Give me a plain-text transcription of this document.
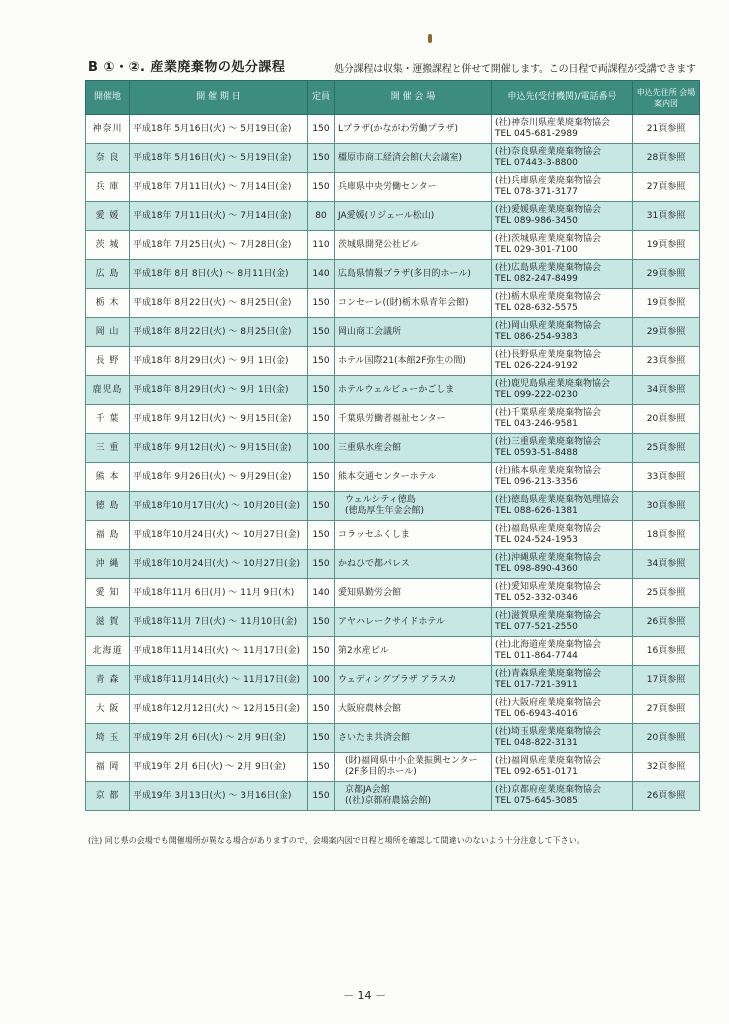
B ①・②. 産業廃棄物の処分課程	処分課程は収集・運搬課程と併せて開催します。この日程で両課程が受講できます
開催地	開 催 期 日	定員	開 催 会 場	申込先(受付機関)/電話番号	申込先住所 会場案内図
神奈川	平成18年 5月16日(火) ～ 5月19日(金)	150	Lプラザ(かながわ労働プラザ)	(社)神奈川県産業廃棄物協会
TEL 045-681-2989	21頁参照
奈 良	平成18年 5月16日(火) ～ 5月19日(金)	150	橿原市商工経済会館(大会議室)	(社)奈良県産業廃棄物協会
TEL 07443-3-8800	28頁参照
兵 庫	平成18年 7月11日(火) ～ 7月14日(金)	150	兵庫県中央労働センター	(社)兵庫県産業廃棄物協会
TEL 078-371-3177	27頁参照
愛 媛	平成18年 7月11日(火) ～ 7月14日(金)	80	JA愛媛(リジェール松山)	(社)愛媛県産業廃棄物協会
TEL 089-986-3450	31頁参照
茨 城	平成18年 7月25日(火) ～ 7月28日(金)	110	茨城県開発公社ビル	(社)茨城県産業廃棄物協会
TEL 029-301-7100	19頁参照
広 島	平成18年 8月 8日(火) ～ 8月11日(金)	140	広島県情報プラザ(多目的ホール)	(社)広島県産業廃棄物協会
TEL 082-247-8499	29頁参照
栃 木	平成18年 8月22日(火) ～ 8月25日(金)	150	コンセーレ((財)栃木県青年会館)	(社)栃木県産業廃棄物協会
TEL 028-632-5575	19頁参照
岡 山	平成18年 8月22日(火) ～ 8月25日(金)	150	岡山商工会議所	(社)岡山県産業廃棄物協会
TEL 086-254-9383	29頁参照
長 野	平成18年 8月29日(火) ～ 9月 1日(金)	150	ホテル国際21(本館2F弥生の間)	(社)長野県産業廃棄物協会
TEL 026-224-9192	23頁参照
鹿児島	平成18年 8月29日(火) ～ 9月 1日(金)	150	ホテルウェルビューかごしま	(社)鹿児島県産業廃棄物協会
TEL 099-222-0230	34頁参照
千 葉	平成18年 9月12日(火) ～ 9月15日(金)	150	千葉県労働者福祉センター	(社)千葉県産業廃棄物協会
TEL 043-246-9581	20頁参照
三 重	平成18年 9月12日(火) ～ 9月15日(金)	100	三重県水産会館	(社)三重県産業廃棄物協会
TEL 0593-51-8488	25頁参照
熊 本	平成18年 9月26日(火) ～ 9月29日(金)	150	熊本交通センターホテル	(社)熊本県産業廃棄物協会
TEL 096-213-3356	33頁参照
徳 島	平成18年10月17日(火) ～ 10月20日(金)	150	ウェルシティ徳島
(徳島厚生年金会館)	(社)徳島県産業廃棄物処理協会
TEL 088-626-1381	30頁参照
福 島	平成18年10月24日(火) ～ 10月27日(金)	150	コラッセふくしま	(社)福島県産業廃棄物協会
TEL 024-524-1953	18頁参照
沖 縄	平成18年10月24日(火) ～ 10月27日(金)	150	かねひで都パレス	(社)沖縄県産業廃棄物協会
TEL 098-890-4360	34頁参照
愛 知	平成18年11月 6日(月) ～ 11月 9日(木)	140	愛知県勤労会館	(社)愛知県産業廃棄物協会
TEL 052-332-0346	25頁参照
滋 賀	平成18年11月 7日(火) ～ 11月10日(金)	150	アヤハレークサイドホテル	(社)滋賀県産業廃棄物協会
TEL 077-521-2550	26頁参照
北海道	平成18年11月14日(火) ～ 11月17日(金)	150	第2水産ビル	(社)北海道産業廃棄物協会
TEL 011-864-7744	16頁参照
青 森	平成18年11月14日(火) ～ 11月17日(金)	100	ウェディングプラザ アラスカ	(社)青森県産業廃棄物協会
TEL 017-721-3911	17頁参照
大 阪	平成18年12月12日(火) ～ 12月15日(金)	150	大阪府農林会館	(社)大阪府産業廃棄物協会
TEL 06-6943-4016	27頁参照
埼 玉	平成19年 2月 6日(火) ～ 2月 9日(金)	150	さいたま共済会館	(社)埼玉県産業廃棄物協会
TEL 048-822-3131	20頁参照
福 岡	平成19年 2月 6日(火) ～ 2月 9日(金)	150	(財)福岡県中小企業振興センター
(2F多目的ホール)	(社)福岡県産業廃棄物協会
TEL 092-651-0171	32頁参照
京 都	平成19年 3月13日(火) ～ 3月16日(金)	150	京都JA会館
((社)京都府農協会館)	(社)京都府産業廃棄物協会
TEL 075-645-3085	26頁参照
(注) 同じ県の会場でも開催場所が異なる場合がありますので、会場案内図で日程と場所を確認して間違いのないよう十分注意して下さい。
－ 14 －
